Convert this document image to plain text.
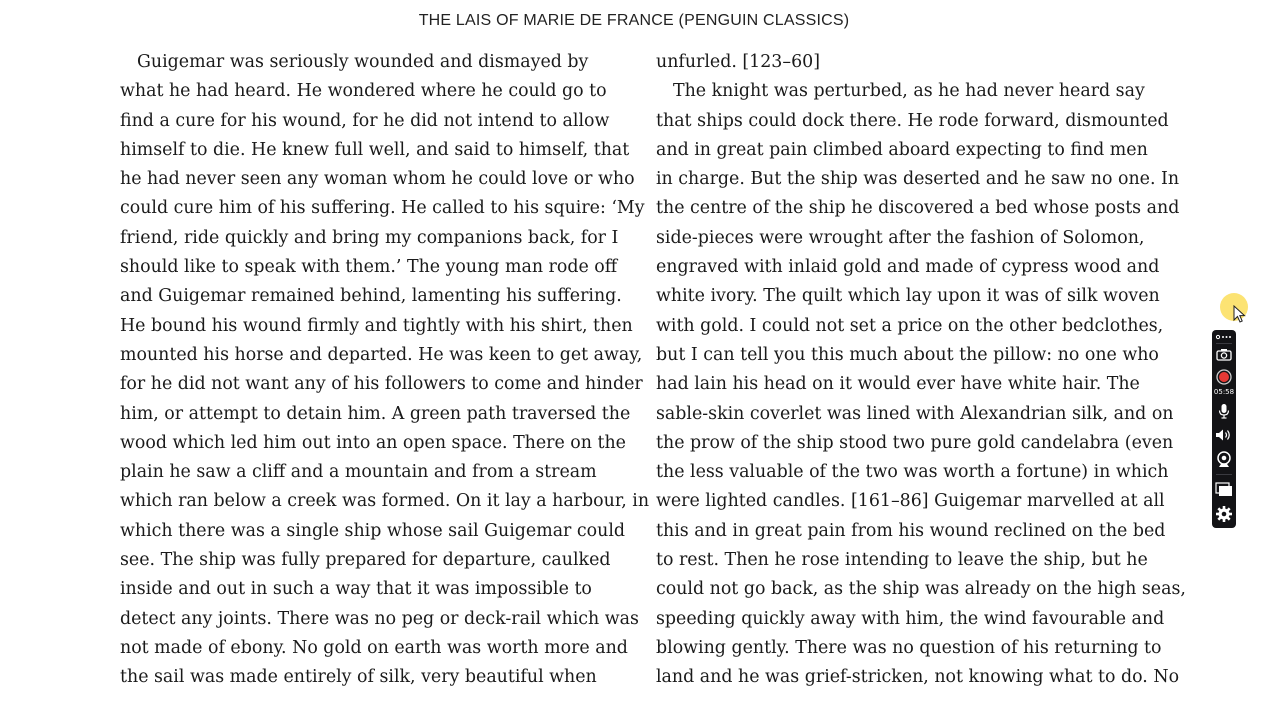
THE LAIS OF MARIE DE FRANCE (PENGUIN CLASSICS)
Guigemar was seriously wounded and dismayed by
what he had heard. He wondered where he could go to
find a cure for his wound, for he did not intend to allow
himself to die. He knew full well, and said to himself, that
he had never seen any woman whom he could love or who
could cure him of his suffering. He called to his squire: ‘My
friend, ride quickly and bring my companions back, for I
should like to speak with them.’ The young man rode off
and Guigemar remained behind, lamenting his suffering.
He bound his wound firmly and tightly with his shirt, then
mounted his horse and departed. He was keen to get away,
for he did not want any of his followers to come and hinder
him, or attempt to detain him. A green path traversed the
wood which led him out into an open space. There on the
plain he saw a cliff and a mountain and from a stream
which ran below a creek was formed. On it lay a harbour, in
which there was a single ship whose sail Guigemar could
see. The ship was fully prepared for departure, caulked
inside and out in such a way that it was impossible to
detect any joints. There was no peg or deck-rail which was
not made of ebony. No gold on earth was worth more and
the sail was made entirely of silk, very beautiful when
unfurled. [123–60]
The knight was perturbed, as he had never heard say
that ships could dock there. He rode forward, dismounted
and in great pain climbed aboard expecting to find men
in charge. But the ship was deserted and he saw no one. In
the centre of the ship he discovered a bed whose posts and
side-pieces were wrought after the fashion of Solomon,
engraved with inlaid gold and made of cypress wood and
white ivory. The quilt which lay upon it was of silk woven
with gold. I could not set a price on the other bedclothes,
but I can tell you this much about the pillow: no one who
had lain his head on it would ever have white hair. The
sable-skin coverlet was lined with Alexandrian silk, and on
the prow of the ship stood two pure gold candelabra (even
the less valuable of the two was worth a fortune) in which
were lighted candles. [161–86] Guigemar marvelled at all
this and in great pain from his wound reclined on the bed
to rest. Then he rose intending to leave the ship, but he
could not go back, as the ship was already on the high seas,
speeding quickly away with him, the wind favourable and
blowing gently. There was no question of his returning to
land and he was grief-stricken, not knowing what to do. No
05:58
